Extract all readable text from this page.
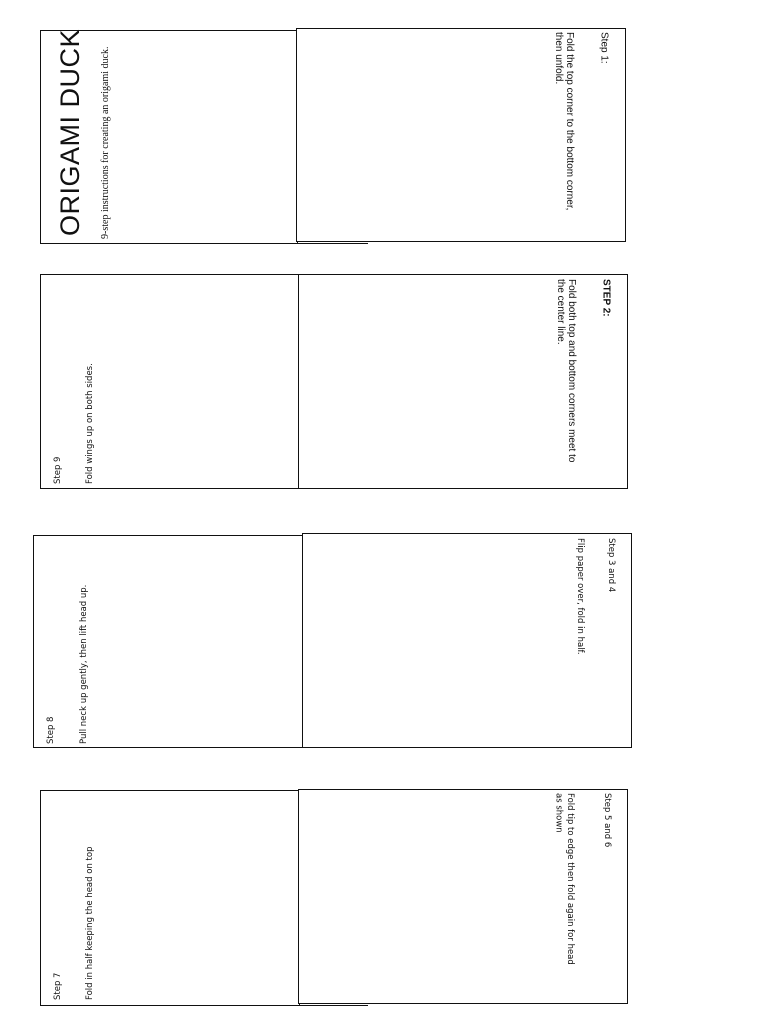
ORIGAMI DUCK 9-step instructions for creating an origami duck.	Step 1:
Fold the top corner to the bottom corner,
then unfold.
Step 9	Fold wings up on both sides.
STEP 2:
Fold both top and bottom corners meet to
the center line.
Step 8	Pull neck up gently, then lift head up.
Step 3 and 4
Flip paper over, fold in half.
Step 7	Fold in half keeping the head on top
Step 5 and 6
Fold tip to edge then fold again for head
as shown
